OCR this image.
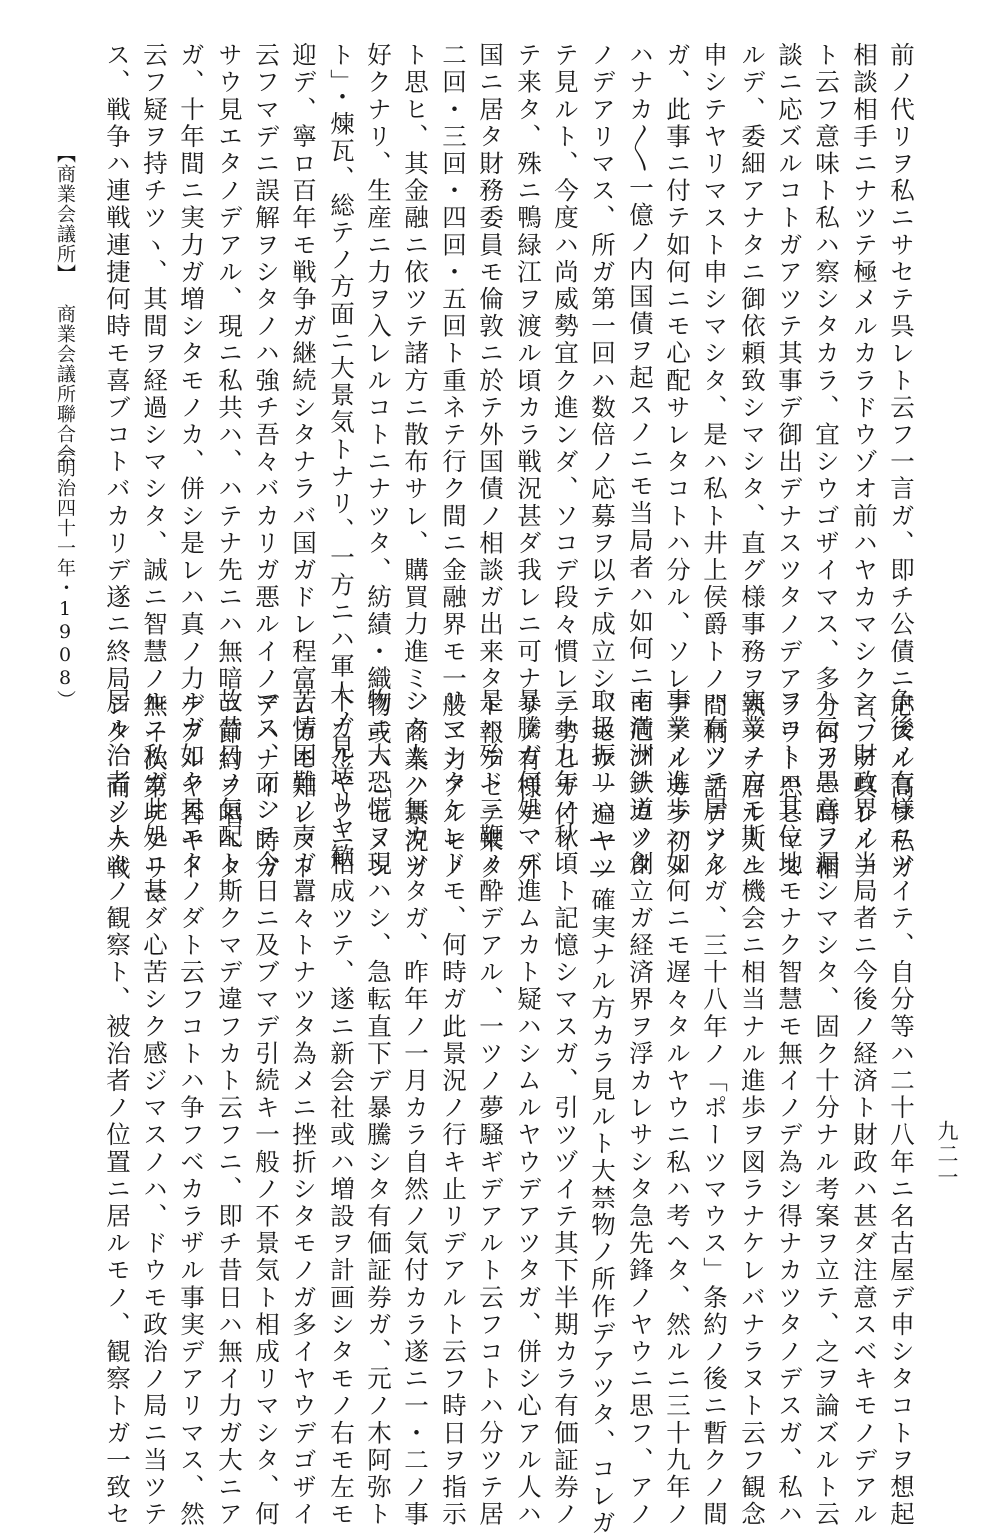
【商業会議所】
商業会議所聯合会
（明治四十一年・1908）	前ノ代リヲ私ニサセテ呉レト云フ一言ガ、即チ公債ニ応ズル高ヲ私ガ
相談相手ニナツテ極メルカラドウゾオ前ハヤカマシク言フテ呉レルナ
ト云フ意味ト私ハ察シタカラ、宜シウゴザイマス、多分何カ一時ノ相
談ニ応ズルコトガアツテ其事デ御出デナスツタノデアラウト思ヒマス
ルデ、委細アナタニ御依頼致シマシタ、直グ様事務ヲ執ツテ居ル人ニ
申シテヤリマスト申シマシタ、是ハ私ト井上侯爵トノ間柄ノ話デアル
ガ、此事ニ付テ如何ニモ心配サレタコトハ分ル、ソレデアルカラ初メ
ハナカ〳〵一億ノ内国債ヲ起スノニモ当局者ハ如何ニモ危ブナカツタ
ノデアリマス、所ガ第一回ハ数倍ノ応募ヲ以テ成立シ、モウ一遍ヤツ
テ見ルト、今度ハ尚威勢宜ク進ンダ、ソコデ段々慣レテ勢ヒガ付イ
テ来タ、殊ニ鴨緑江ヲ渡ル頃カラ戦況甚ダ我レニ可ナリノ有様デ、外
国ニ居タ財務委員モ倫敦ニ於テ外国債ノ相談ガ出来タト報ラセテ来タ
二回・三回・四回・五回ト重ネテ行ク間ニ金融界モ一般ニ力アルモノ
ト思ヒ、其金融ニ依ツテ諸方ニ散布サレ、購買力進ミ、商業ノ景況ガ
好クナリ、生産ニ力ヲ入レルコトニナツタ、紡績・織物或ハ「セメン
ト」・煉瓦、総テノ方面ニ大景気トナリ、一方ニハ軍人ノ見送リヤ歓
迎デ、寧ロ百年モ戦争ガ継続シタナラバ国ガドレ程富ムカモ知レヌト
云フマデニ誤解ヲシタノハ強チ吾々バカリガ悪ルイノデハナイ、時ガ
サウ見エタノデアル、現ニ私共ハ、ハテナ先ニハ無暗ニ節約ヲ唱ヘタ
ガ、十年間ニ実力ガ増シタモノカ、併シ是レハ真ノ力デアルヤ否ヤト
云フ疑ヲ持チツヽ、其間ヲ経過シマシタ、誠ニ智慧ノ無イ次第デアリマ
ス、戦争ハ連戦連捷何時モ喜ブコトバカリデ遂ニ終局シタ、而シテ戦
争後ノ有様ニツイテ、自分等ハ二十八年ニ名古屋デ申シタコトヲ想起
シ、財政界ノ当局者ニ今後ノ経済ト財政ハ甚ダ注意スベキモノデアル
ト云フ愚意ヲ漏シマシタ、固ク十分ナル考案ヲ立テ、之ヲ論ズルト云
フコトハ其位地モナク智慧モ無イノデ為シ得ナカツタノデスガ、私ハ
実業ノ方モ斯ル機会ニ相当ナル進歩ヲ図ラナケレバナラヌト云フ観念
ハ有ツテ居ツタガ、三十八年ノ「ポーツマウス」条約ノ後ニ暫クノ間
事業ノ進歩ハ如何ニモ遅々タルヤウニ私ハ考ヘタ、然ルニ三十九年ノ
南満洲鉄道ノ創立ガ経済界ヲ浮カレサシタ急先鋒ノヤウニ思フ、アノ
取扱振リハ――確実ナル方カラ見ルト大禁物ノ所作デアツタ、コレガ
三十九年ノ秋頃ト記憶シマスガ、引ツヅイテ其下半期カラ有価証券ノ
暴騰ガ何処マデ進ムカト疑ハシムルヤウデアツタガ、併シ心アル人ハ
是ハ殆ド三鞭ノ酔デアル、一ツノ夢騒ギデアルト云フコトハ分ツテ居
リマシタケレドモ、何時ガ此景況ノ行キ止リデアルト云フ時日ヲ指示
シタ人ハ無カツタガ、昨年ノ一月カラ自然ノ気付カラ遂ニ一・二ノ事
物ニ大恐慌ヲ現ハシ、急転直下デ暴騰シタ有価証券ガ、元ノ木阿弥ト
下ガルヤウニ相成ツテ、遂ニ新会社或ハ増設ヲ計画シタモノ右モ左モ
苦情困難ノ声ガ囂々トナツタ為メニ挫折シタモノガ多イヤウデゴザイ
マス、而シテ今日ニ及ブマデ引続キ一般ノ不景気ト相成リマシタ、何
故昔日ノ気配ト斯クマデ違フカト云フニ、即チ昔日ハ無イ力ガ大ニア
ルガ如ク見エタノダト云フコトハ争フベカラザル事実デアリマス、然
ルニ私ガ此処ニ甚ダ心苦シク感ジマスノハ、ドウモ政治ノ局ニ当ツテ
居ル治者ノ人々ノ観察ト、被治者ノ位置ニ居ルモノ、観察トガ一致セ	九二一
